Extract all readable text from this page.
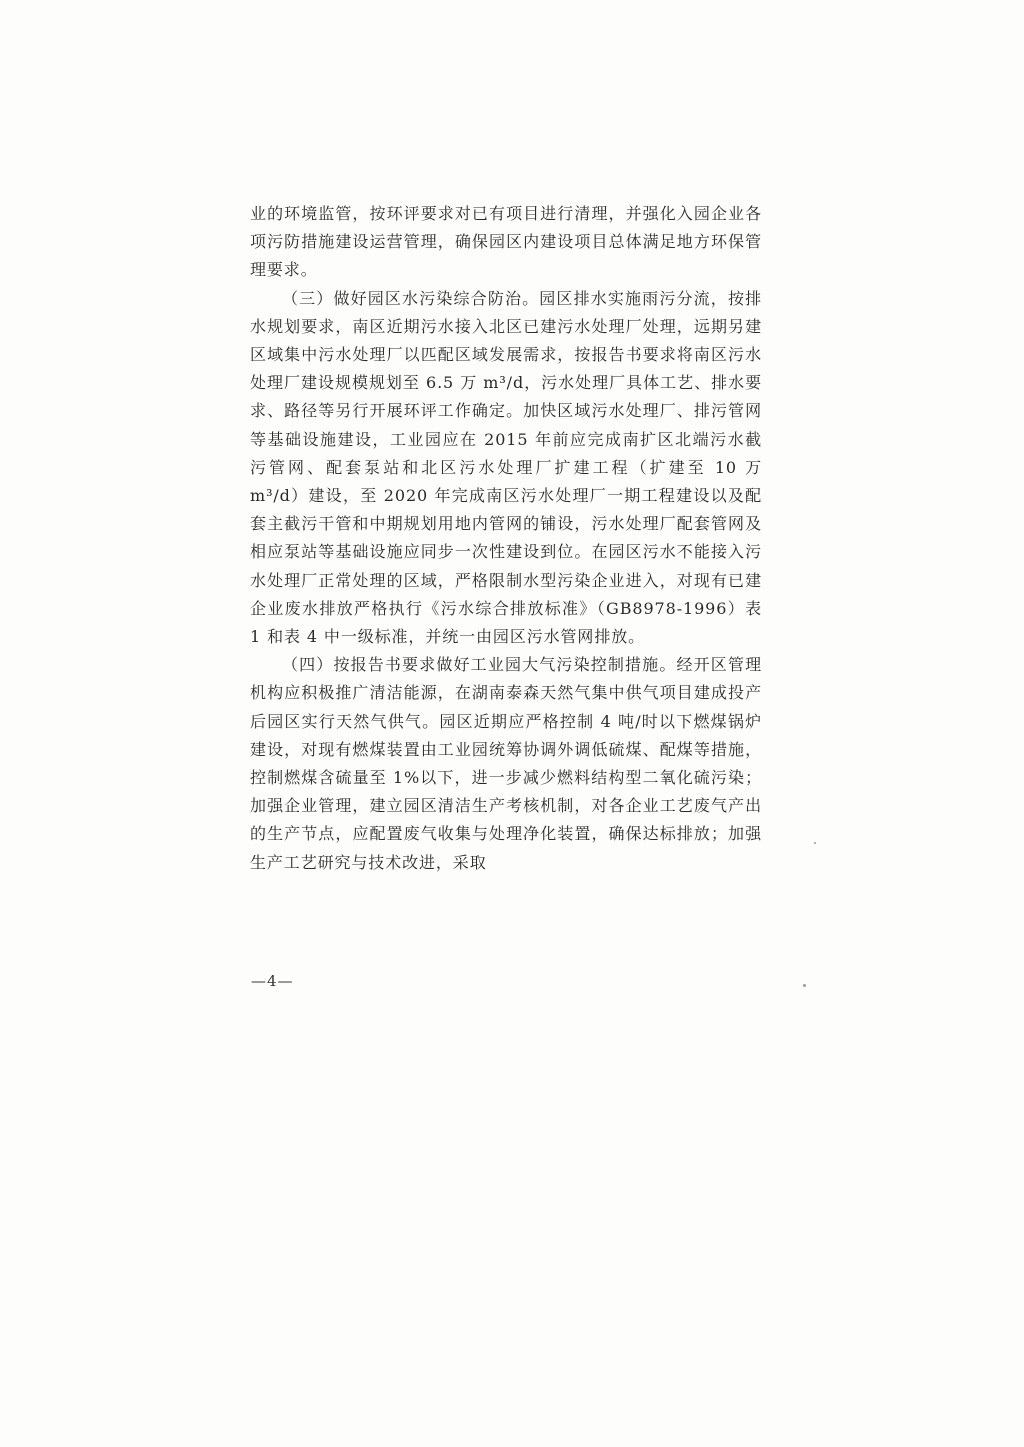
业的环境监管，按环评要求对已有项目进行清理，并强化入园企业各项污防措施建设运营管理，确保园区内建设项目总体满足地方环保管理要求。

（三）做好园区水污染综合防治。园区排水实施雨污分流，按排水规划要求，南区近期污水接入北区已建污水处理厂处理，远期另建区域集中污水处理厂以匹配区域发展需求，按报告书要求将南区污水处理厂建设规模规划至 6.5 万 m³/d，污水处理厂具体工艺、排水要求、路径等另行开展环评工作确定。加快区域污水处理厂、排污管网等基础设施建设，工业园应在 2015 年前应完成南扩区北端污水截污管网、配套泵站和北区污水处理厂扩建工程（扩建至 10 万 m³/d）建设，至 2020 年完成南区污水处理厂一期工程建设以及配套主截污干管和中期规划用地内管网的铺设，污水处理厂配套管网及相应泵站等基础设施应同步一次性建设到位。在园区污水不能接入污水处理厂正常处理的区域，严格限制水型污染企业进入，对现有已建企业废水排放严格执行《污水综合排放标准》（GB8978-1996）表 1 和表 4 中一级标准，并统一由园区污水管网排放。

（四）按报告书要求做好工业园大气污染控制措施。经开区管理机构应积极推广清洁能源，在湖南泰森天然气集中供气项目建成投产后园区实行天然气供气。园区近期应严格控制 4 吨/时以下燃煤锅炉建设，对现有燃煤装置由工业园统筹协调外调低硫煤、配煤等措施，控制燃煤含硫量至 1%以下，进一步减少燃料结构型二氧化硫污染；加强企业管理，建立园区清洁生产考核机制，对各企业工艺废气产出的生产节点，应配置废气收集与处理净化装置，确保达标排放；加强生产工艺研究与技术改进，采取

—4—
